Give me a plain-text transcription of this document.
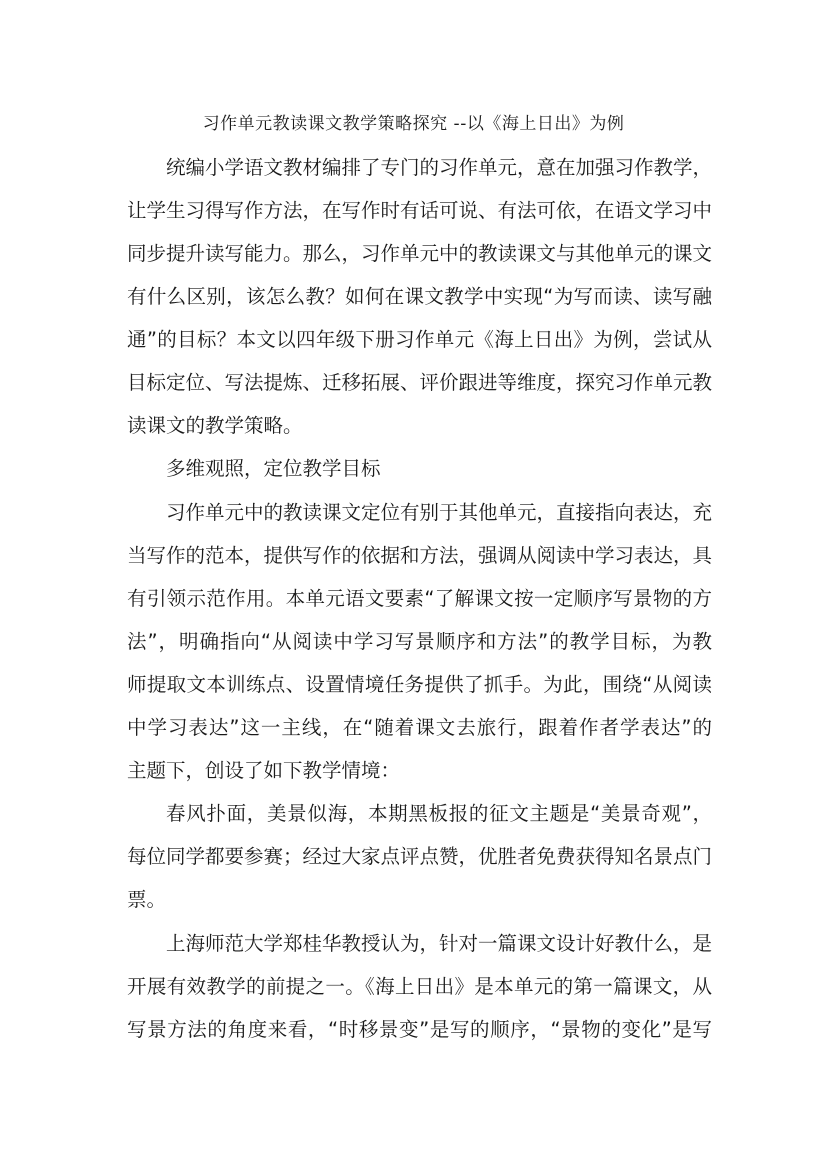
习作单元教读课文教学策略探究 --以《海上日出》为例
统编小学语文教材编排了专门的习作单元，意在加强习作教学，
让学生习得写作方法，在写作时有话可说、有法可依，在语文学习中
同步提升读写能力。那么，习作单元中的教读课文与其他单元的课文
有什么区别，该怎么教？如何在课文教学中实现“为写而读、读写融
通”的目标？本文以四年级下册习作单元《海上日出》为例，尝试从
目标定位、写法提炼、迁移拓展、评价跟进等维度，探究习作单元教
读课文的教学策略。
多维观照，定位教学目标
习作单元中的教读课文定位有别于其他单元，直接指向表达，充
当写作的范本，提供写作的依据和方法，强调从阅读中学习表达，具
有引领示范作用。本单元语文要素“了解课文按一定顺序写景物的方
法”，明确指向“从阅读中学习写景顺序和方法”的教学目标，为教
师提取文本训练点、设置情境任务提供了抓手。为此，围绕“从阅读
中学习表达”这一主线，在“随着课文去旅行，跟着作者学表达”的
主题下，创设了如下教学情境：
春风扑面，美景似海，本期黑板报的征文主题是“美景奇观”，
每位同学都要参赛；经过大家点评点赞，优胜者免费获得知名景点门
票。
上海师范大学郑桂华教授认为，针对一篇课文设计好教什么，是
开展有效教学的前提之一。《海上日出》是本单元的第一篇课文，从
写景方法的角度来看，“时移景变”是写的顺序，“景物的变化”是写
